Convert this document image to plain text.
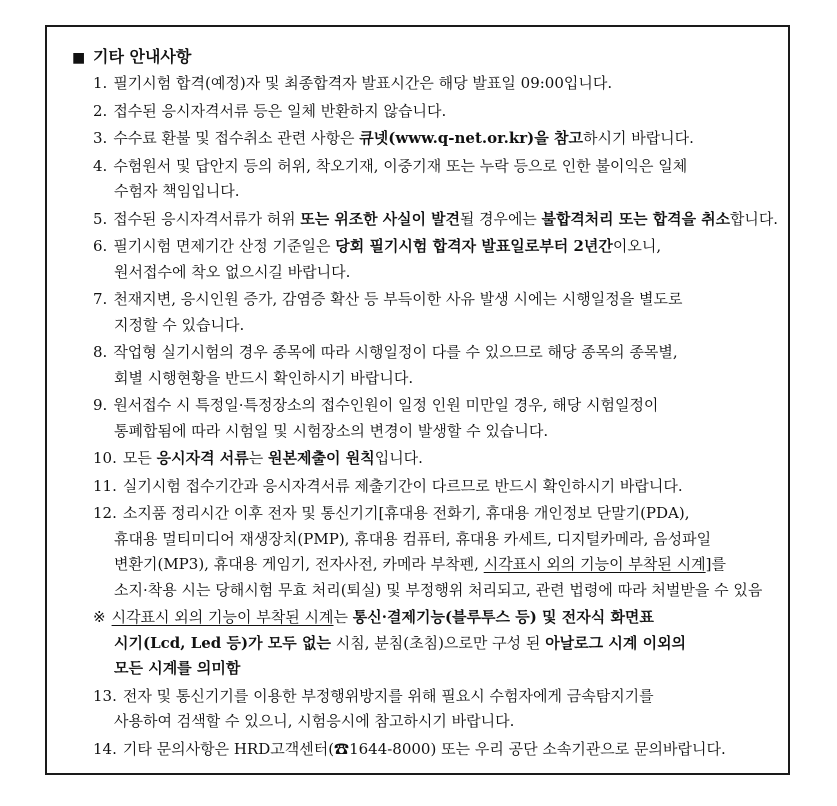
■ 기타 안내사항
1. 필기시험 합격(예정)자 및 최종합격자 발표시간은 해당 발표일 09:00입니다.
2. 접수된 응시자격서류 등은 일체 반환하지 않습니다.
3. 수수료 환불 및 접수취소 관련 사항은 큐넷(www.q-net.or.kr)을 참고하시기 바랍니다.
4. 수험원서 및 답안지 등의 허위, 착오기재, 이중기재 또는 누락 등으로 인한 불이익은 일체
수험자 책임입니다.
5. 접수된 응시자격서류가 허위 또는 위조한 사실이 발견될 경우에는 불합격처리 또는 합격을 취소합니다.
6. 필기시험 면제기간 산정 기준일은 당회 필기시험 합격자 발표일로부터 2년간이오니,
원서접수에 착오 없으시길 바랍니다.
7. 천재지변, 응시인원 증가, 감염증 확산 등 부득이한 사유 발생 시에는 시행일정을 별도로
지정할 수 있습니다.
8. 작업형 실기시험의 경우 종목에 따라 시행일정이 다를 수 있으므로 해당 종목의 종목별,
회별 시행현황을 반드시 확인하시기 바랍니다.
9. 원서접수 시 특정일·특정장소의 접수인원이 일정 인원 미만일 경우, 해당 시험일정이
통폐합됨에 따라 시험일 및 시험장소의 변경이 발생할 수 있습니다.
10. 모든 응시자격 서류는 원본제출이 원칙입니다.
11. 실기시험 접수기간과 응시자격서류 제출기간이 다르므로 반드시 확인하시기 바랍니다.
12. 소지품 정리시간 이후 전자 및 통신기기[휴대용 전화기, 휴대용 개인정보 단말기(PDA),
휴대용 멀티미디어 재생장치(PMP), 휴대용 컴퓨터, 휴대용 카세트, 디지털카메라, 음성파일
변환기(MP3), 휴대용 게임기, 전자사전, 카메라 부착펜, 시각표시 외의 기능이 부착된 시계]를
소지·착용 시는 당해시험 무효 처리(퇴실) 및 부정행위 처리되고, 관련 법령에 따라 처벌받을 수 있음
※ 시각표시 외의 기능이 부착된 시계는 통신·결제기능(블루투스 등) 및 전자식 화면표
시기(Lcd, Led 등)가 모두 없는 시침, 분침(초침)으로만 구성 된 아날로그 시계 이외의
모든 시계를 의미함
13. 전자 및 통신기기를 이용한 부정행위방지를 위해 필요시 수험자에게 금속탐지기를
사용하여 검색할 수 있으니, 시험응시에 참고하시기 바랍니다.
14. 기타 문의사항은 HRD고객센터(☎1644-8000) 또는 우리 공단 소속기관으로 문의바랍니다.
